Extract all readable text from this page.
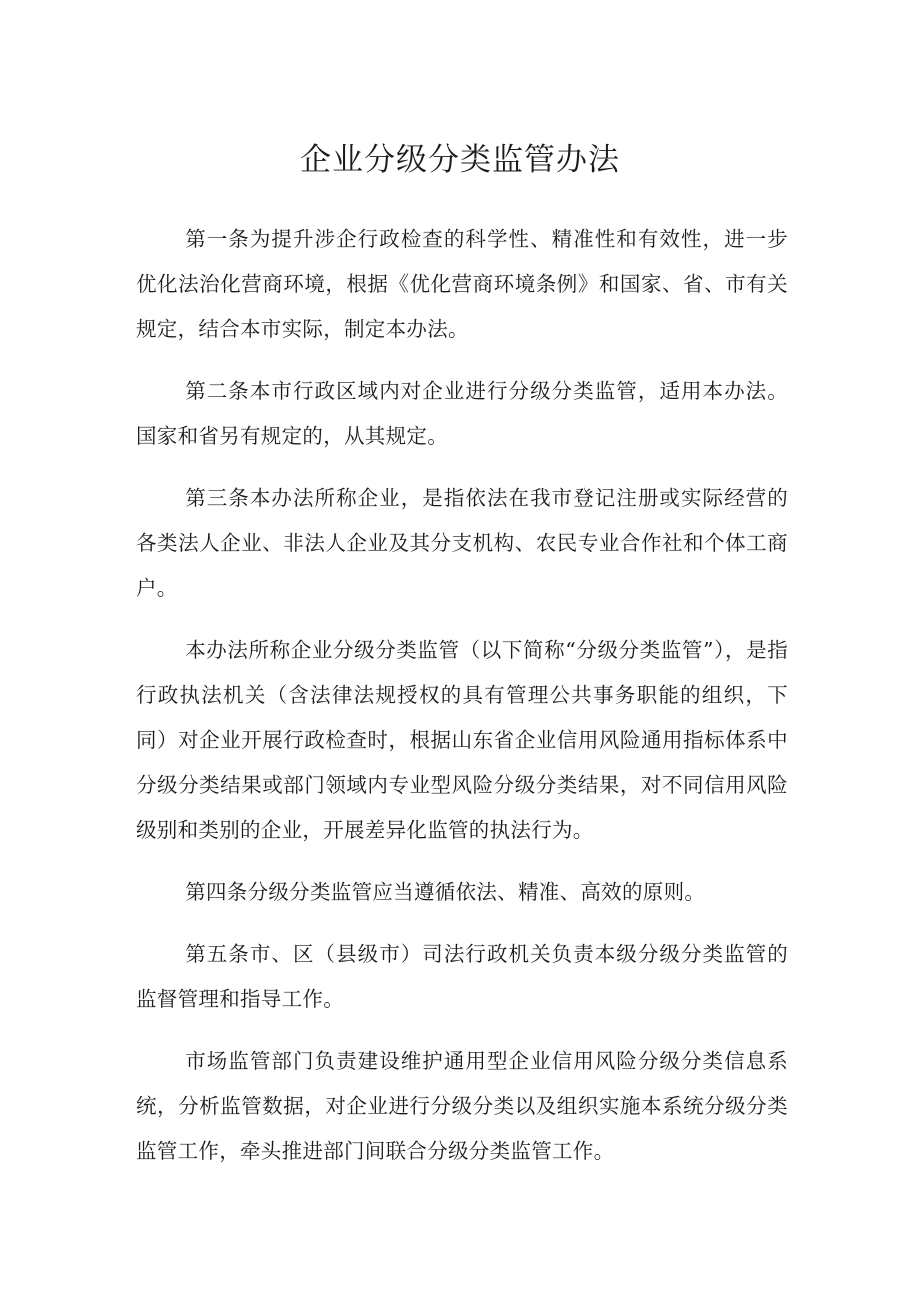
企业分级分类监管办法

第一条为提升涉企行政检查的科学性、精准性和有效性，进一步优化法治化营商环境，根据《优化营商环境条例》和国家、省、市有关规定，结合本市实际，制定本办法。

第二条本市行政区域内对企业进行分级分类监管，适用本办法。国家和省另有规定的，从其规定。

第三条本办法所称企业，是指依法在我市登记注册或实际经营的各类法人企业、非法人企业及其分支机构、农民专业合作社和个体工商户。

本办法所称企业分级分类监管（以下简称“分级分类监管”），是指行政执法机关（含法律法规授权的具有管理公共事务职能的组织，下同）对企业开展行政检查时，根据山东省企业信用风险通用指标体系中分级分类结果或部门领域内专业型风险分级分类结果，对不同信用风险级别和类别的企业，开展差异化监管的执法行为。

第四条分级分类监管应当遵循依法、精准、高效的原则。

第五条市、区（县级市）司法行政机关负责本级分级分类监管的监督管理和指导工作。

市场监管部门负责建设维护通用型企业信用风险分级分类信息系统，分析监管数据，对企业进行分级分类以及组织实施本系统分级分类监管工作，牵头推进部门间联合分级分类监管工作。
